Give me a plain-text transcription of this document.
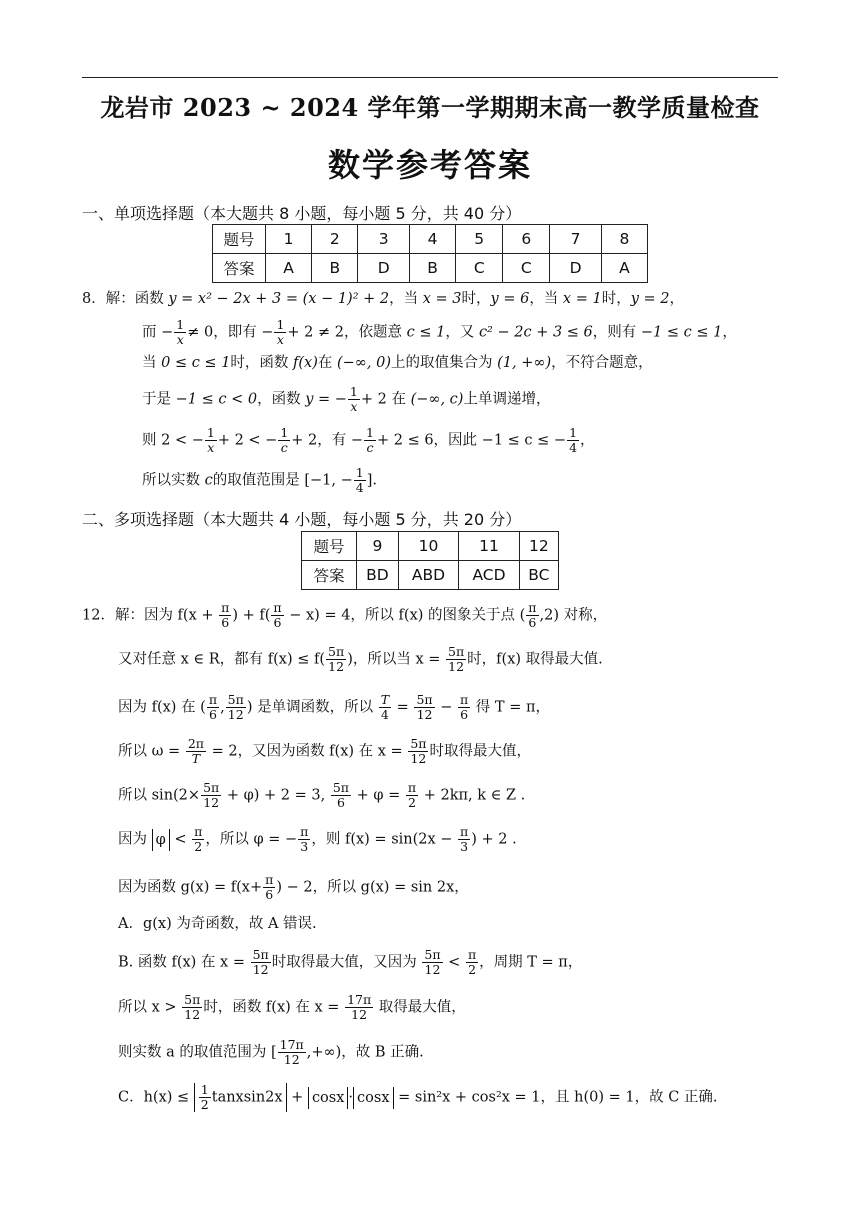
龙岩市 2023 ~ 2024 学年第一学期期末高一教学质量检查
数学参考答案
一、单项选择题（本大题共 8 小题，每小题 5 分，共 40 分）
题号	1	2	3	4	5	6	7	8
答案	A	B	D	B	C	C	D	A
8．解：函数 y = x² − 2x + 3 = (x − 1)² + 2，当 x = 3时，y = 6，当 x = 1时，y = 2，
而 − $\frac{1}{x} \ne 0$，即有 − $\frac{1}{x} + 2 \ne 2$，依题意 c ≤ 1，又 c² − 2c + 3 ≤ 6，则有 −1 ≤ c ≤ 1，
当 0 ≤ c ≤ 1时，函数 f(x)在 (−∞, 0)上的取值集合为 (1, +∞)，不符合题意，
于是 −1 ≤ c < 0，函数 y = − $\frac{1}{x} + 2$ 在 (−∞, c)上单调递增，
则 2 < − $\frac{1}{x} + 2$ < − $\frac{1}{c} + 2$，有 − $\frac{1}{c} + 2 \le 6$，因此 −1 ≤ c ≤ − $\frac{1}{4}$ ，
所以实数 c的取值范围是 [−1, − $\frac{1}{4}$ ].
二、多项选择题（本大题共 4 小题，每小题 5 分，共 20 分）
题号	9	10	11	12
答案	BD	ABD	ACD	BC
12．解：因为 $f(x + \frac{\pi}{6}$ ) + $f( \frac{\pi}{6} - x) = 4$，所以 f(x) 的图象关于点 ( $\frac{\pi}{6} ,2$) 对称，
又对任意 x ∈ R，都有 $f(x) \le f( \frac{5\pi}{12}$ )，所以当 $x = \frac{5\pi}{12}$ 时，f(x) 取得最大值.
因为 f(x) 在 ( $\frac{\pi}{6}$ , $\frac{5\pi}{12}$ ) 是单调函数，所以 $\frac{T}{4} = \frac{5\pi}{12} - \frac{\pi}{6}$ 得 T = π，
所以 $\omega = \frac{2\pi}{T} = 2$，又因为函数 f(x) 在 $x = \frac{5\pi}{12}$ 时取得最大值，
所以 $\sin(2\times \frac{5\pi}{12} + \varphi) + 2 = 3$, $\frac{5\pi}{6} + \varphi = \frac{\pi}{2} + 2k\pi$, k ∈ Z .
因为 $\varphi < \frac{\pi}{2}$ ，所以 φ = − $\frac{\pi}{3}$ ，则 $f(x) = \sin(2x - \frac{\pi}{3}$ ) + 2 .
因为函数 $g(x) = f(x+ \frac{\pi}{6}$ ) − 2，所以 g(x) = sin 2x，
A．g(x) 为奇函数，故 A 错误.
B. 函数 f(x) 在 $x = \frac{5\pi}{12}$ 时取得最大值，又因为 $\frac{5\pi}{12} < \frac{\pi}{2}$ ，周期 T = π，
所以 $x > \frac{5\pi}{12}$ 时，函数 f(x) 在 $x = \frac{17\pi}{12}$ 取得最大值，
则实数 a 的取值范围为 [ $\frac{17\pi}{12}$ ,+∞)，故 B 正确.
C．$h(x) \le \frac{1}{2}$ tanxsin2x + cosx · cosx = sin²x + cos²x = 1，且 h(0) = 1，故 C 正确.
